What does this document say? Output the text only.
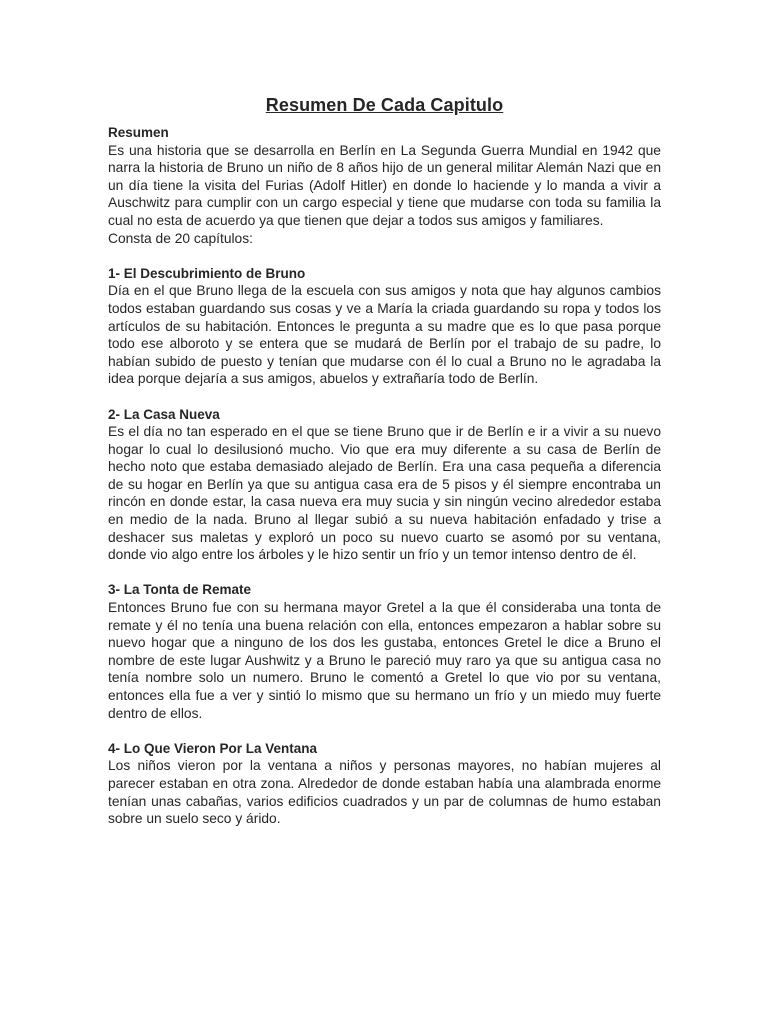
Resumen De Cada Capitulo

Resumen

Es una historia que se desarrolla en Berlín en La Segunda Guerra Mundial en 1942 que narra la historia de Bruno un niño de 8 años hijo de un general militar Alemán Nazi que en un día tiene la visita del Furias (Adolf Hitler) en donde lo haciende y lo manda a vivir a Auschwitz para cumplir con un cargo especial y tiene que mudarse con toda su familia la cual no esta de acuerdo ya que tienen que dejar a todos sus amigos y familiares.

Consta de 20 capítulos:

1- El Descubrimiento de Bruno

Día en el que Bruno llega de la escuela con sus amigos y nota que hay algunos cambios todos estaban guardando sus cosas y ve a María la criada guardando su ropa y todos los artículos de su habitación. Entonces le pregunta a su madre que es lo que pasa porque todo ese alboroto y se entera que se mudará de Berlín por el trabajo de su padre, lo habían subido de puesto y tenían que mudarse con él lo cual a Bruno no le agradaba la idea porque dejaría a sus amigos, abuelos y extrañaría todo de Berlín.

2- La Casa Nueva

Es el día no tan esperado en el que se tiene Bruno que ir de Berlín e ir a vivir a su nuevo hogar lo cual lo desilusionó mucho. Vio que era muy diferente a su casa de Berlín de hecho noto que estaba demasiado alejado de Berlín. Era una casa pequeña a diferencia de su hogar en Berlín ya que su antigua casa era de 5 pisos y él siempre encontraba un rincón en donde estar, la casa nueva era muy sucia y sin ningún vecino alrededor estaba en medio de la nada. Bruno al llegar subió a su nueva habitación enfadado y trise a deshacer sus maletas y exploró un poco su nuevo cuarto se asomó por su ventana, donde vio algo entre los árboles y le hizo sentir un frío y un temor intenso dentro de él.

3- La Tonta de Remate

Entonces Bruno fue con su hermana mayor Gretel a la que él consideraba una tonta de remate y él no tenía una buena relación con ella, entonces empezaron a hablar sobre su nuevo hogar que a ninguno de los dos les gustaba, entonces Gretel le dice a Bruno el nombre de este lugar Aushwitz y a Bruno le pareció muy raro ya que su antigua casa no tenía nombre solo un numero. Bruno le comentó a Gretel lo que vio por su ventana, entonces ella fue a ver y sintió lo mismo que su hermano un frío y un miedo muy fuerte dentro de ellos.

4- Lo Que Vieron Por La Ventana

Los niños vieron por la ventana a niños y personas mayores, no habían mujeres al parecer estaban en otra zona. Alrededor de donde estaban había una alambrada enorme tenían unas cabañas, varios edificios cuadrados y un par de columnas de humo estaban sobre un suelo seco y árido.
